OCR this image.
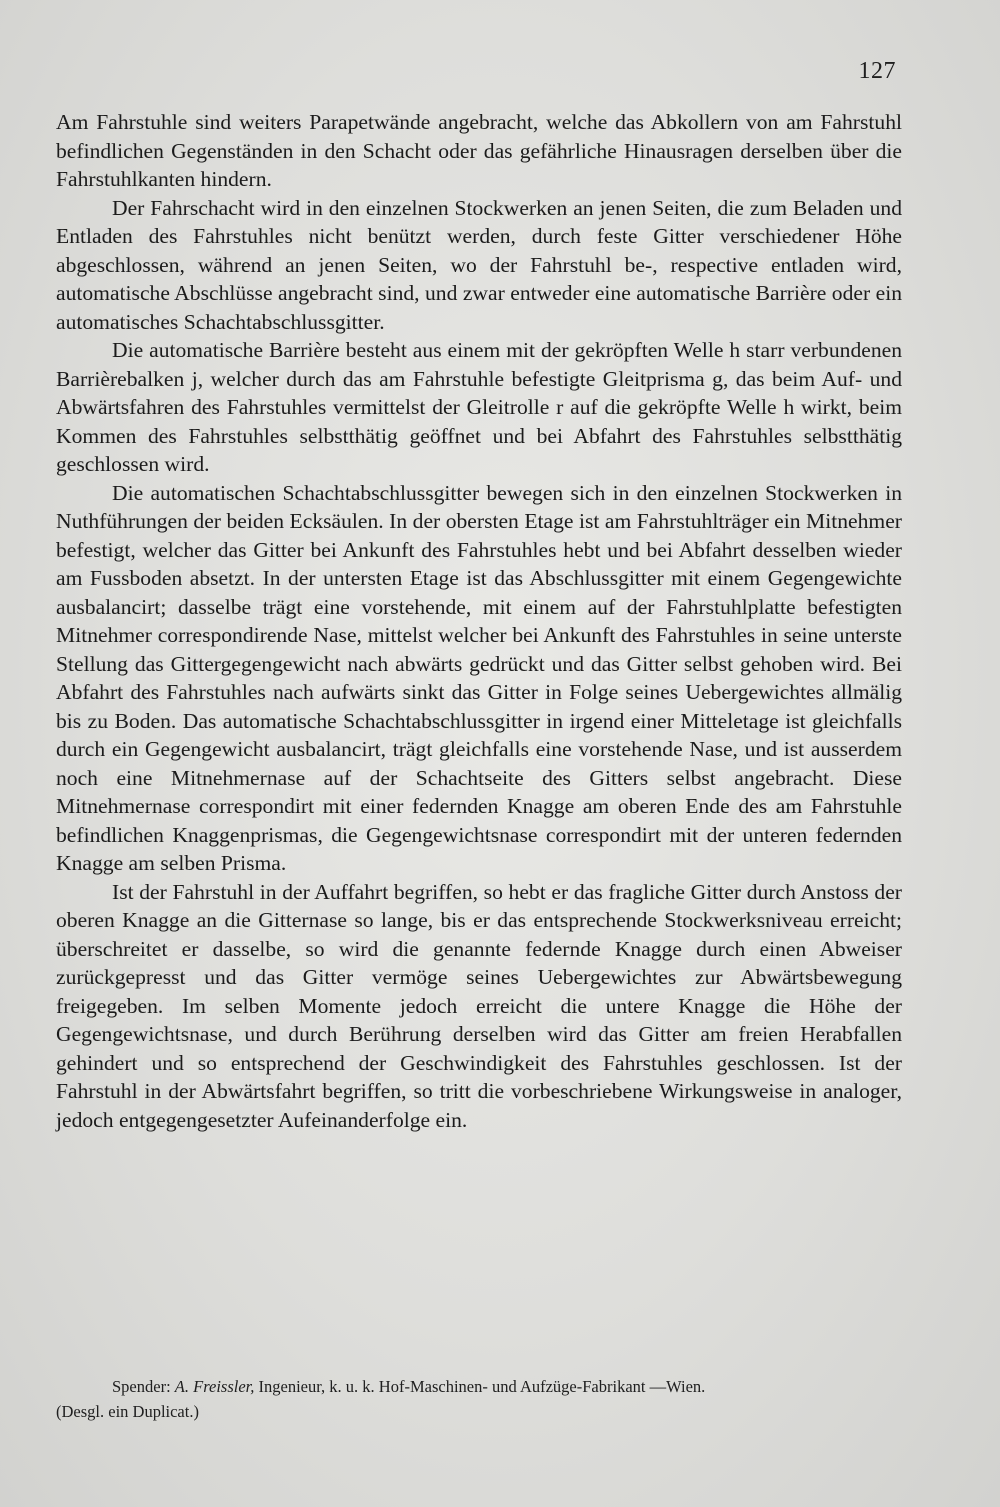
127

Am Fahrstuhle sind weiters Parapetwände angebracht, welche das Abkollern von am Fahrstuhl befindlichen Gegenständen in den Schacht oder das gefährliche Hinausragen derselben über die Fahrstuhlkanten hindern.

Der Fahrschacht wird in den einzelnen Stockwerken an jenen Seiten, die zum Beladen und Entladen des Fahrstuhles nicht benützt werden, durch feste Gitter verschiedener Höhe abgeschlossen, während an jenen Seiten, wo der Fahrstuhl be-, respective entladen wird, automatische Abschlüsse angebracht sind, und zwar entweder eine automatische Barrière oder ein automatisches Schachtabschlussgitter.

Die automatische Barrière besteht aus einem mit der gekröpften Welle h starr verbundenen Barrièrebalken j, welcher durch das am Fahrstuhle befestigte Gleitprisma g, das beim Auf- und Abwärtsfahren des Fahrstuhles vermittelst der Gleitrolle r auf die gekröpfte Welle h wirkt, beim Kommen des Fahrstuhles selbstthätig geöffnet und bei Abfahrt des Fahrstuhles selbstthätig geschlossen wird.

Die automatischen Schachtabschlussgitter bewegen sich in den einzelnen Stockwerken in Nuthführungen der beiden Ecksäulen. In der obersten Etage ist am Fahrstuhlträger ein Mitnehmer befestigt, welcher das Gitter bei Ankunft des Fahrstuhles hebt und bei Abfahrt desselben wieder am Fussboden absetzt. In der untersten Etage ist das Abschlussgitter mit einem Gegengewichte ausbalancirt; dasselbe trägt eine vorstehende, mit einem auf der Fahrstuhlplatte befestigten Mitnehmer correspondirende Nase, mittelst welcher bei Ankunft des Fahrstuhles in seine unterste Stellung das Gittergegengewicht nach abwärts gedrückt und das Gitter selbst gehoben wird. Bei Abfahrt des Fahrstuhles nach aufwärts sinkt das Gitter in Folge seines Uebergewichtes allmälig bis zu Boden. Das automatische Schachtabschlussgitter in irgend einer Mitteletage ist gleichfalls durch ein Gegengewicht ausbalancirt, trägt gleichfalls eine vorstehende Nase, und ist ausserdem noch eine Mitnehmernase auf der Schachtseite des Gitters selbst angebracht. Diese Mitnehmernase correspondirt mit einer federnden Knagge am oberen Ende des am Fahrstuhle befindlichen Knaggenprismas, die Gegengewichtsnase correspondirt mit der unteren federnden Knagge am selben Prisma.

Ist der Fahrstuhl in der Auffahrt begriffen, so hebt er das fragliche Gitter durch Anstoss der oberen Knagge an die Gitternase so lange, bis er das entsprechende Stockwerksniveau erreicht; überschreitet er dasselbe, so wird die genannte federnde Knagge durch einen Abweiser zurückgepresst und das Gitter vermöge seines Uebergewichtes zur Abwärtsbewegung freigegeben. Im selben Momente jedoch erreicht die untere Knagge die Höhe der Gegengewichtsnase, und durch Berührung derselben wird das Gitter am freien Herabfallen gehindert und so entsprechend der Geschwindigkeit des Fahrstuhles geschlossen. Ist der Fahrstuhl in der Abwärtsfahrt begriffen, so tritt die vorbeschriebene Wirkungsweise in analoger, jedoch entgegengesetzter Aufeinanderfolge ein.

Spender: A. Freissler, Ingenieur, k. u. k. Hof-Maschinen- und Aufzüge-Fabrikant —Wien.
(Desgl. ein Duplicat.)
